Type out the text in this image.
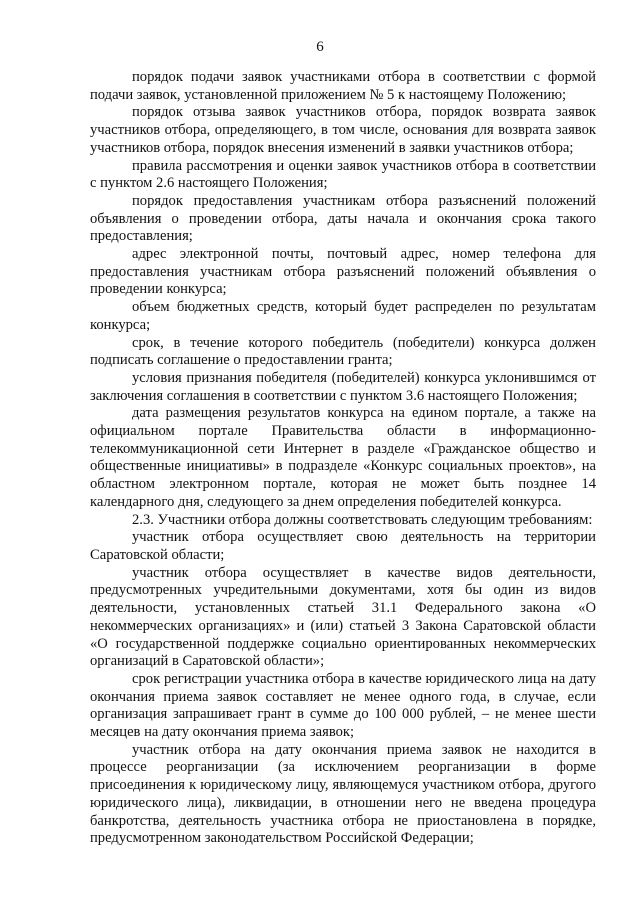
6

порядок подачи заявок участниками отбора в соответствии с формой подачи заявок, установленной приложением № 5 к настоящему Положению;

порядок отзыва заявок участников отбора, порядок возврата заявок участников отбора, определяющего, в том числе, основания для возврата заявок участников отбора, порядок внесения изменений в заявки участников отбора;

правила рассмотрения и оценки заявок участников отбора в соответствии с пунктом 2.6 настоящего Положения;

порядок предоставления участникам отбора разъяснений положений объявления о проведении отбора, даты начала и окончания срока такого предоставления;

адрес электронной почты, почтовый адрес, номер телефона для предоставления участникам отбора разъяснений положений объявления о проведении конкурса;

объем бюджетных средств, который будет распределен по результатам конкурса;

срок, в течение которого победитель (победители) конкурса должен подписать соглашение о предоставлении гранта;

условия признания победителя (победителей) конкурса уклонившимся от заключения соглашения в соответствии с пунктом 3.6 настоящего Положения;

дата размещения результатов конкурса на едином портале, а также на официальном портале Правительства области в информационно-телекоммуникационной сети Интернет в разделе «Гражданское общество и общественные инициативы» в подразделе «Конкурс социальных проектов», на областном электронном портале, которая не может быть позднее 14 календарного дня, следующего за днем определения победителей конкурса.

2.3. Участники отбора должны соответствовать следующим требованиям:

участник отбора осуществляет свою деятельность на территории Саратовской области;

участник отбора осуществляет в качестве видов деятельности, предусмотренных учредительными документами, хотя бы один из видов деятельности, установленных статьей 31.1 Федерального закона «О некоммерческих организациях» и (или) статьей 3 Закона Саратовской области «О государственной поддержке социально ориентированных некоммерческих организаций в Саратовской области»;

срок регистрации участника отбора в качестве юридического лица на дату окончания приема заявок составляет не менее одного года, в случае, если организация запрашивает грант в сумме до 100 000 рублей, – не менее шести месяцев на дату окончания приема заявок;

участник отбора на дату окончания приема заявок не находится в процессе реорганизации (за исключением реорганизации в форме присоединения к юридическому лицу, являющемуся участником отбора, другого юридического лица), ликвидации, в отношении него не введена процедура банкротства, деятельность участника отбора не приостановлена в порядке, предусмотренном законодательством Российской Федерации;
